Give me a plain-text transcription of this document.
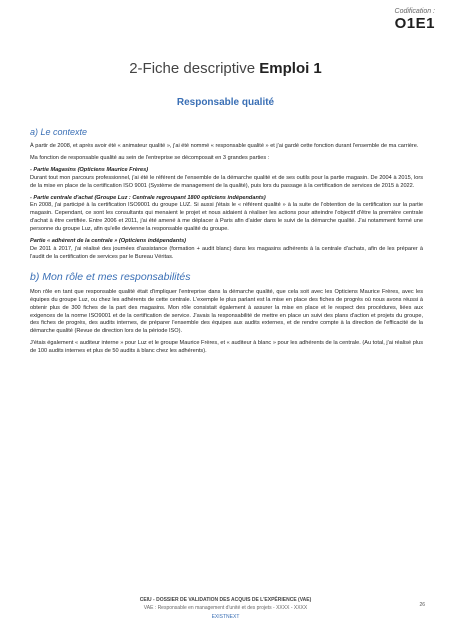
Codification :
O1E1
2-Fiche descriptive Emploi 1
Responsable qualité
a) Le contexte

À partir de 2008, et après avoir été « animateur qualité », j'ai été nommé « responsable qualité » et j'ai gardé cette fonction durant l'ensemble de ma carrière.

Ma fonction de responsable qualité au sein de l'entreprise se décomposait en 3 grandes parties :

- Partie Magasins (Opticiens Maurice Frères)

Durant tout mon parcours professionnel, j'ai été le référent de l'ensemble de la démarche qualité et de ses outils pour la partie magasin. De 2004 à 2015, lors de la mise en place de la certification ISO 9001 (Système de management de la qualité), puis lors du passage à la certification de services de 2015 à 2022.

- Partie centrale d'achat (Groupe Luz : Centrale regroupant 1800 opticiens indépendants)

En 2008, j'ai participé à la certification ISO9001 du groupe LUZ. Si aussi j'étais le « référent qualité » à la suite de l'obtention de la certification sur la partie magasin. Cependant, ce sont les consultants qui menaient le projet et nous aidaient à réaliser les actions pour atteindre l'objectif d'être la première centrale d'achat à être certifiée. Entre 2006 et 2011, j'ai été amené à me déplacer à Paris afin d'aider dans le suivi de la démarche qualité. J'ai notamment formé une personne du groupe Luz, afin qu'elle devienne la responsable qualité du groupe.

Partie « adhérent de la centrale » (Opticiens indépendants)

De 2011 à 2017, j'ai réalisé des journées d'assistance (formation + audit blanc) dans les magasins adhérents à la centrale d'achats, afin de les préparer à l'audit de la certification de services par le Bureau Véritas.

b) Mon rôle et mes responsabilités

Mon rôle en tant que responsable qualité était d'impliquer l'entreprise dans la démarche qualité, que cela soit avec les Opticiens Maurice Frères, avec les équipes du groupe Luz, ou chez les adhérents de cette centrale. L'exemple le plus parlant est la mise en place des fiches de progrès où nous avons réussi à obtenir plus de 300 fiches de la part des magasins. Mon rôle consistait également à assurer la mise en place et le respect des procédures, liées aux exigences de la norme ISO9001 et de la certification de service. J'avais la responsabilité de mettre en place un suivi des plans d'action et projets du groupe, des fiches de progrès, des audits internes, de préparer l'ensemble des équipes aux audits externes, et de rendre compte à la direction de l'efficacité de la démarche qualité (Revue de direction lors de la période ISO).

J'étais également « auditeur interne » pour Luz et le groupe Maurice Frères, et « auditeur à blanc » pour les adhérents de la centrale. (Au total, j'ai réalisé plus de 100 audits internes et plus de 50 audits à blanc chez les adhérents).

CEIU - DOSSIER DE VALIDATION DES ACQUIS DE L'EXPÉRIENCE (VAE)
VAE : Responsable en management d'unité et des projets - XXXX - XXXX
EXISTNEXT
26
